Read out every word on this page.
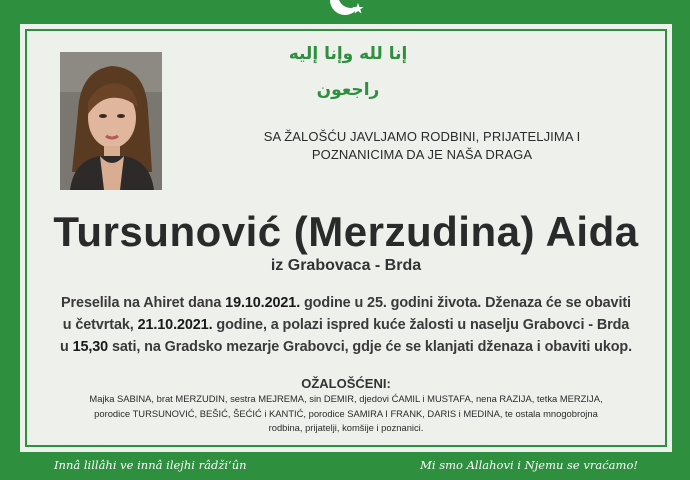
إنا لله وإنا إليه راجعون
SA ŽALOŠĆU JAVLJAMO RODBINI, PRIJATELJIMA I
POZNANICIMA DA JE NAŠA DRAGA
Tursunović (Merzudina) Aida
iz Grabovaca - Brda
Preselila na Ahiret dana 19.10.2021. godine u 25. godini života. Dženaza će se obaviti
u četvrtak, 21.10.2021. godine, a polazi ispred kuće žalosti u naselju Grabovci - Brda
u 15,30 sati, na Gradsko mezarje Grabovci, gdje će se klanjati dženaza i obaviti ukop.
OŽALOŠĆENI:
Majka SABINA, brat MERZUDIN, sestra MEJREMA, sin DEMIR, djedovi ĆAMIL i MUSTAFA, nena RAZIJA, tetka MERZIJA,
porodice TURSUNOVIĆ, BEŠIĆ, ŠEĆIĆ i KANTIĆ, porodice SAMIRA I FRANK, DARIS i MEDINA, te ostala mnogobrojna
rodbina, prijatelji, komšije i poznanici.
Innâ lillâhi ve innâ ilejhi râdži‘ûn	Mi smo Allahovi i Njemu se vraćamo!
